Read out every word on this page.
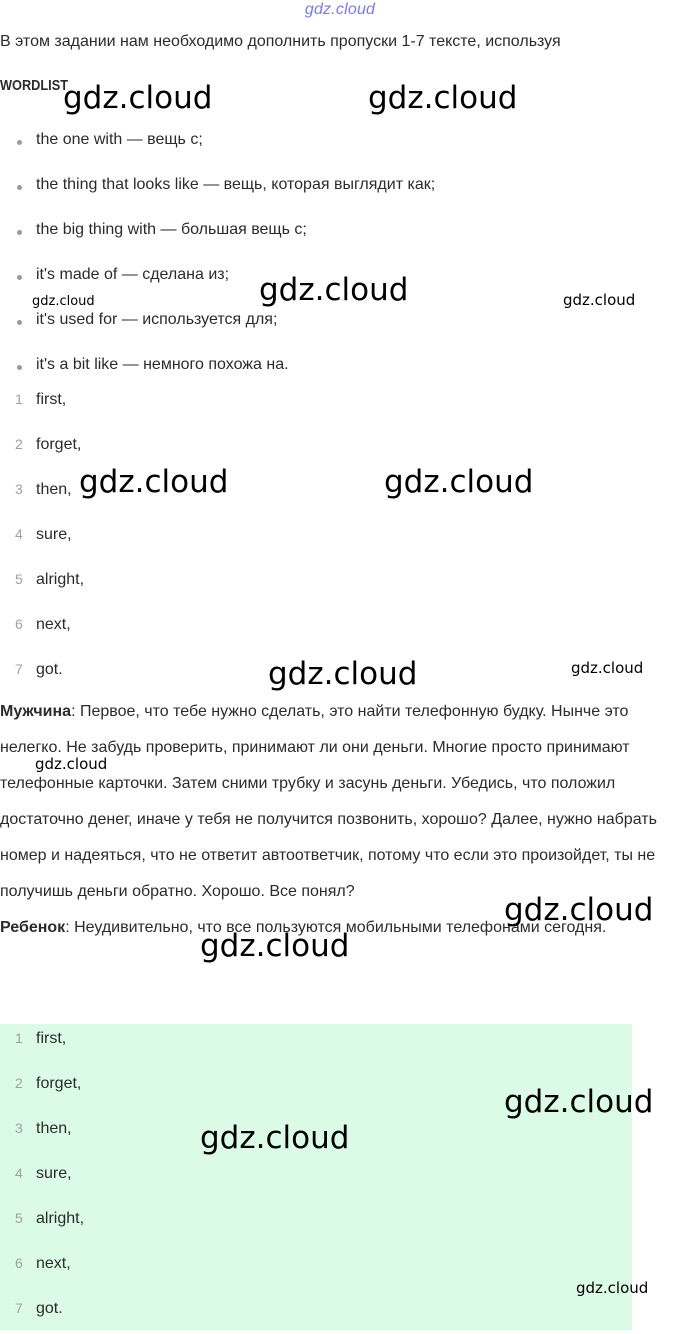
gdz.cloud
В этом задании нам необходимо дополнить пропуски 1-7 тексте, используя
WORDLIST
the one with — вещь с;
the thing that looks like — вещь, которая выглядит как;
the big thing with — большая вещь с;
it's made of — сделана из;
it's used for — используется для;
it's a bit like — немного похожа на.
1 first,
2 forget,
3 then,
4 sure,
5 alright,
6 next,
7 got.

Мужчина: Первое, что тебе нужно сделать, это найти телефонную будку. Нынче это нелегко. Не забудь проверить, принимают ли они деньги. Многие просто принимают телефонные карточки. Затем сними трубку и засунь деньги. Убедись, что положил достаточно денег, иначе у тебя не получится позвонить, хорошо? Далее, нужно набрать номер и надеяться, что не ответит автоответчик, потому что если это произойдет, ты не получишь деньги обратно. Хорошо. Все понял?

Ребенок: Неудивительно, что все пользуются мобильными телефонами сегодня.

1 first,
2 forget,
3 then,
4 sure,
5 alright,
6 next,
7 got.
gdz.cloud	gdz.cloud
gdz.cloud
gdz.cloud	gdz.cloud
gdz.cloud	gdz.cloud
gdz.cloud	gdz.cloud
gdz.cloud
gdz.cloud
gdz.cloud
gdz.cloud
gdz.cloud
gdz.cloud
